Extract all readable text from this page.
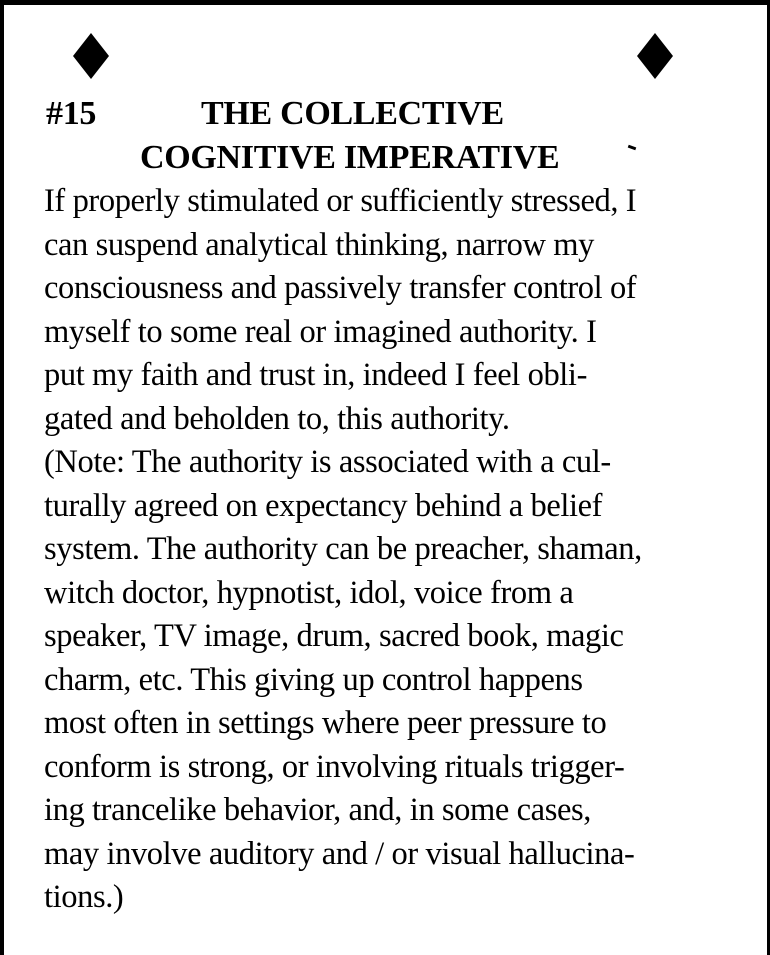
#15	THE COLLECTIVE
COGNITIVE IMPERATIVE
If properly stimulated or sufficiently stressed, I
can suspend analytical thinking, narrow my
consciousness and passively transfer control of
myself to some real or imagined authority. I
put my faith and trust in, indeed I feel obli-
gated and beholden to, this authority.
(Note: The authority is associated with a cul-
turally agreed on expectancy behind a belief
system. The authority can be preacher, shaman,
witch doctor, hypnotist, idol, voice from a
speaker, TV image, drum, sacred book, magic
charm, etc. This giving up control happens
most often in settings where peer pressure to
conform is strong, or involving rituals trigger-
ing trancelike behavior, and, in some cases,
may involve auditory and / or visual hallucina-
tions.)
